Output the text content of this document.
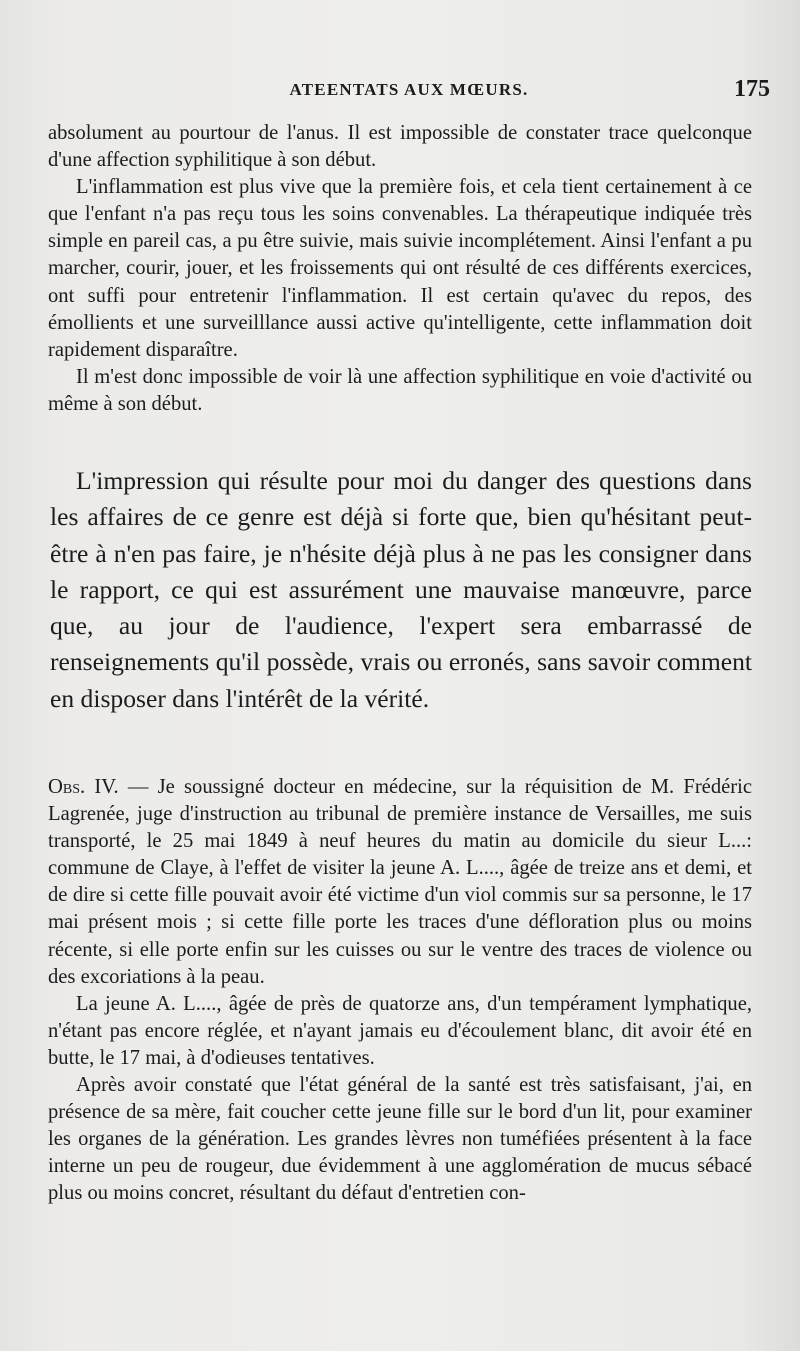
ATEENTATS AUX MŒURS.	175

absolument au pourtour de l'anus. Il est impossible de constater trace quelconque d'une affection syphilitique à son début.

L'inflammation est plus vive que la première fois, et cela tient certainement à ce que l'enfant n'a pas reçu tous les soins convenables. La thérapeutique indiquée très simple en pareil cas, a pu être suivie, mais suivie incomplétement. Ainsi l'enfant a pu marcher, courir, jouer, et les froissements qui ont résulté de ces différents exercices, ont suffi pour entretenir l'inflammation. Il est certain qu'avec du repos, des émollients et une surveilllance aussi active qu'intelligente, cette inflammation doit rapidement disparaître.

Il m'est donc impossible de voir là une affection syphilitique en voie d'activité ou même à son début.

L'impression qui résulte pour moi du danger des questions dans les affaires de ce genre est déjà si forte que, bien qu'hésitant peut-être à n'en pas faire, je n'hésite déjà plus à ne pas les consigner dans le rapport, ce qui est assurément une mauvaise manœuvre, parce que, au jour de l'audience, l'expert sera embarrassé de renseignements qu'il possède, vrais ou erronés, sans savoir comment en disposer dans l'intérêt de la vérité.

Obs. IV. — Je soussigné docteur en médecine, sur la réquisition de M. Frédéric Lagrenée, juge d'instruction au tribunal de première instance de Versailles, me suis transporté, le 25 mai 1849 à neuf heures du matin au domicile du sieur L...: commune de Claye, à l'effet de visiter la jeune A. L...., âgée de treize ans et demi, et de dire si cette fille pouvait avoir été victime d'un viol commis sur sa personne, le 17 mai présent mois ; si cette fille porte les traces d'une défloration plus ou moins récente, si elle porte enfin sur les cuisses ou sur le ventre des traces de violence ou des excoriations à la peau.

La jeune A. L...., âgée de près de quatorze ans, d'un tempérament lymphatique, n'étant pas encore réglée, et n'ayant jamais eu d'écoulement blanc, dit avoir été en butte, le 17 mai, à d'odieuses tentatives.

Après avoir constaté que l'état général de la santé est très satisfaisant, j'ai, en présence de sa mère, fait coucher cette jeune fille sur le bord d'un lit, pour examiner les organes de la génération. Les grandes lèvres non tuméfiées présentent à la face interne un peu de rougeur, due évidemment à une agglomération de mucus sébacé plus ou moins concret, résultant du défaut d'entretien con-
